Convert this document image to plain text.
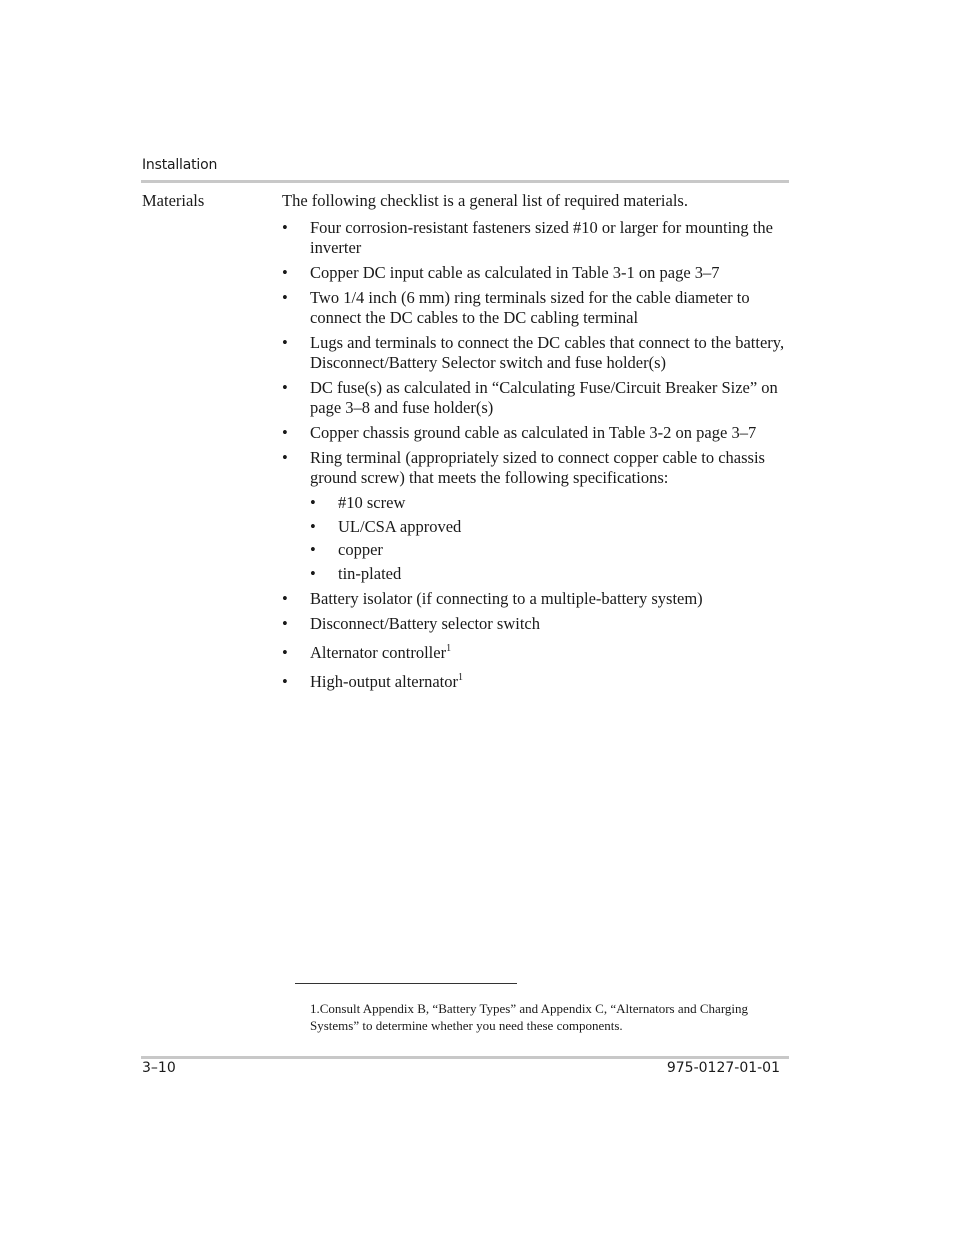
Installation
Materials	The following checklist is a general list of required materials.

• Four corrosion-resistant fasteners sized #10 or larger for mounting the inverter
• Copper DC input cable as calculated in Table 3-1 on page 3–7
• Two 1/4 inch (6 mm) ring terminals sized for the cable diameter to connect the DC cables to the DC cabling terminal
• Lugs and terminals to connect the DC cables that connect to the battery, Disconnect/Battery Selector switch and fuse holder(s)
• DC fuse(s) as calculated in “Calculating Fuse/Circuit Breaker Size” on page 3–8 and fuse holder(s)
• Copper chassis ground cable as calculated in Table 3-2 on page 3–7
• Ring terminal (appropriately sized to connect copper cable to chassis ground screw) that meets the following specifications:
• #10 screw
• UL/CSA approved
• copper
• tin-plated
• Battery isolator (if connecting to a multiple-battery system)
• Disconnect/Battery selector switch
• Alternator controller$^1$
• High-output alternator$^1$
1.Consult Appendix B, “Battery Types” and Appendix C, “Alternators and Charging Systems” to determine whether you need these components.
3–10	975-0127-01-01
